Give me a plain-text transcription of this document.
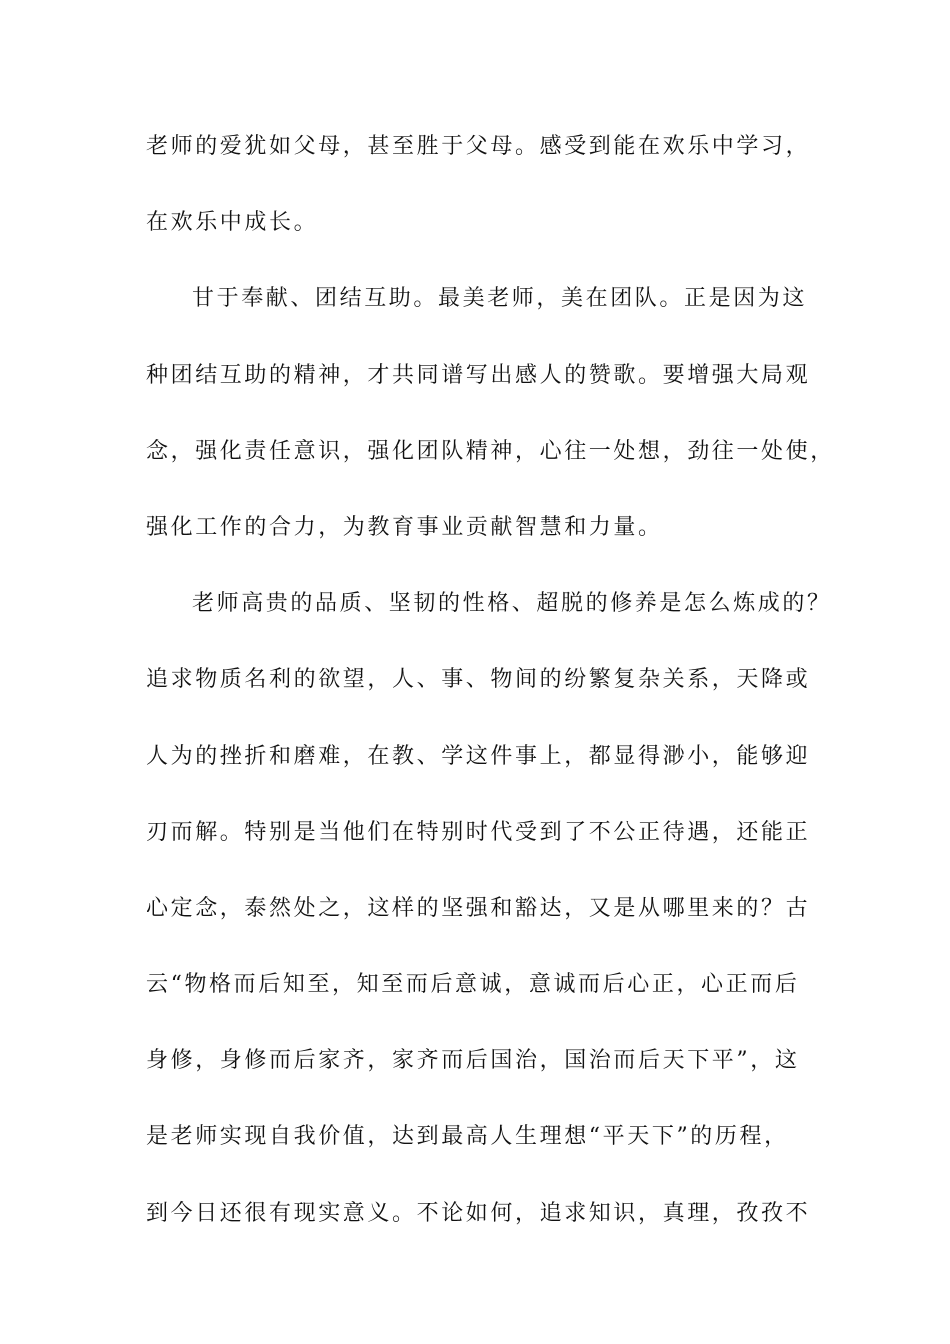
老师的爱犹如父母，甚至胜于父母。感受到能在欢乐中学习，
在欢乐中成长。
甘于奉献、团结互助。最美老师，美在团队。正是因为这
种团结互助的精神，才共同谱写出感人的赞歌。要增强大局观
念，强化责任意识，强化团队精神，心往一处想，劲往一处使，
强化工作的合力，为教育事业贡献智慧和力量。
老师高贵的品质、坚韧的性格、超脱的修养是怎么炼成的？
追求物质名利的欲望，人、事、物间的纷繁复杂关系，天降或
人为的挫折和磨难，在教、学这件事上，都显得渺小，能够迎
刃而解。特别是当他们在特别时代受到了不公正待遇，还能正
心定念，泰然处之，这样的坚强和豁达，又是从哪里来的？古
云“物格而后知至，知至而后意诚，意诚而后心正，心正而后
身修，身修而后家齐，家齐而后国治，国治而后天下平”，这
是老师实现自我价值，达到最高人生理想“平天下”的历程，
到今日还很有现实意义。不论如何，追求知识，真理，孜孜不
